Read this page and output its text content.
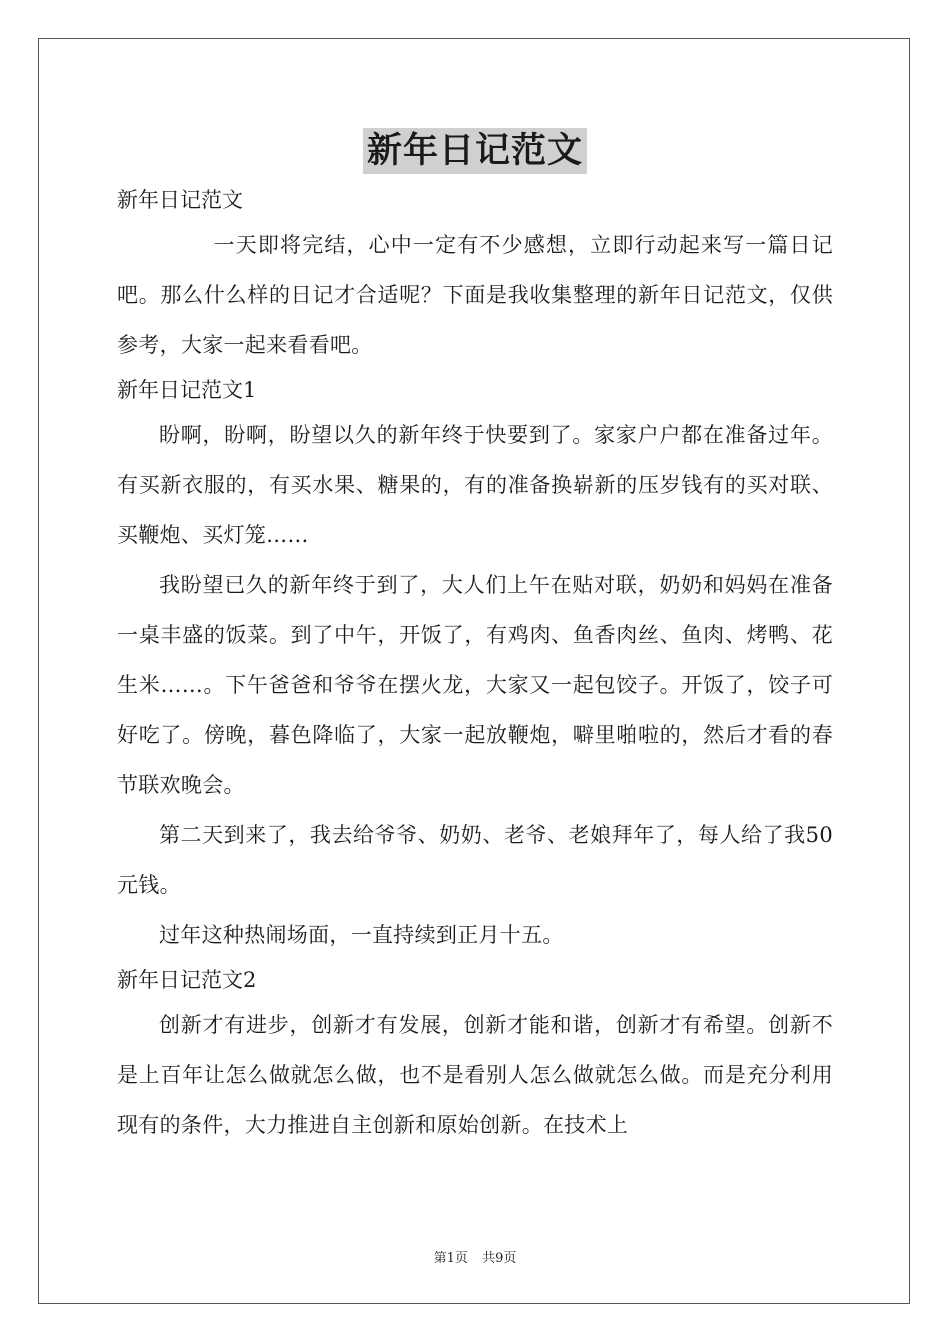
新年日记范文

新年日记范文

一天即将完结，心中一定有不少感想，立即行动起来写一篇日记吧。那么什么样的日记才合适呢？下面是我收集整理的新年日记范文，仅供参考，大家一起来看看吧。

新年日记范文1

盼啊，盼啊，盼望以久的新年终于快要到了。家家户户都在准备过年。有买新衣服的，有买水果、糖果的，有的准备换崭新的压岁钱有的买对联、买鞭炮、买灯笼……

我盼望已久的新年终于到了，大人们上午在贴对联，奶奶和妈妈在准备一桌丰盛的饭菜。到了中午，开饭了，有鸡肉、鱼香肉丝、鱼肉、烤鸭、花生米……。下午爸爸和爷爷在摆火龙，大家又一起包饺子。开饭了，饺子可好吃了。傍晚，暮色降临了，大家一起放鞭炮，噼里啪啦的，然后才看的春节联欢晚会。

第二天到来了，我去给爷爷、奶奶、老爷、老娘拜年了，每人给了我50元钱。

过年这种热闹场面，一直持续到正月十五。

新年日记范文2

创新才有进步，创新才有发展，创新才能和谐，创新才有希望。创新不是上百年让怎么做就怎么做，也不是看别人怎么做就怎么做。而是充分利用现有的条件，大力推进自主创新和原始创新。在技术上

第1页 共9页
